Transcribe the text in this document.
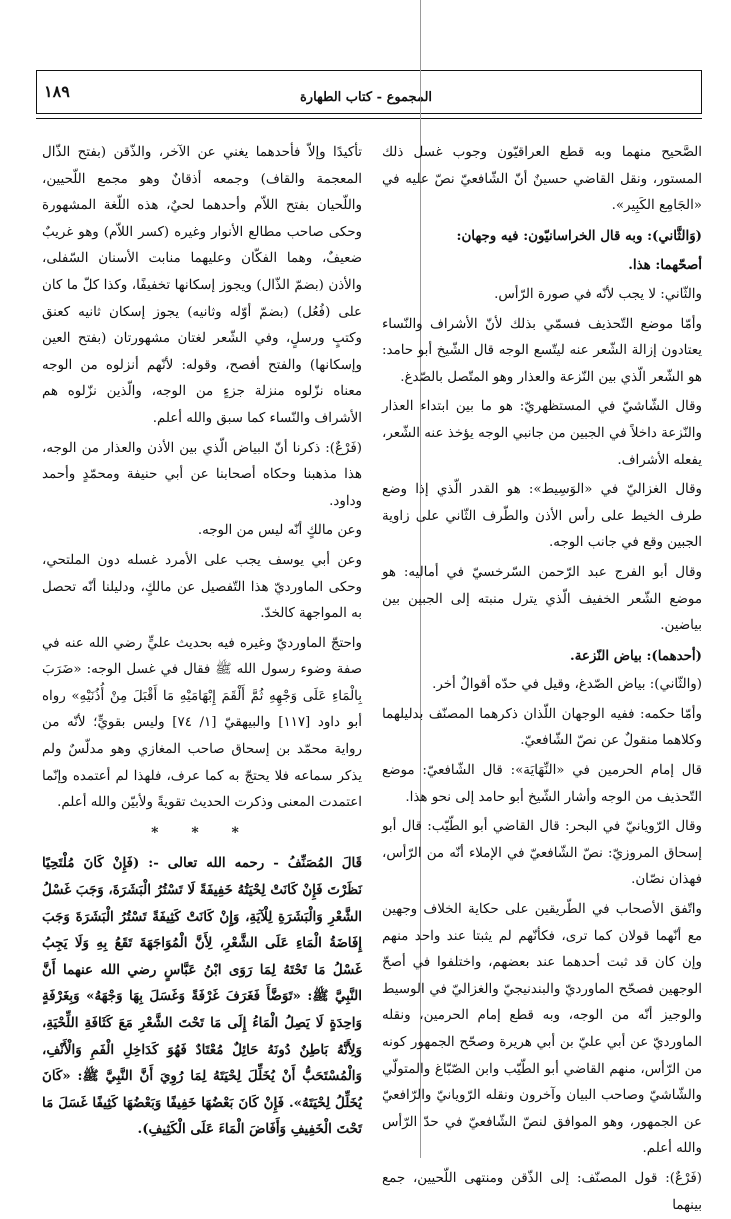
١٨٩	المجموع - كتاب الطهارة

الصَّحيح منهما وبه قطع العراقيّون وجوب غسل ذلك المستور، ونقل القاضي حسينٌ أنّ الشّافعيّ نصّ عليه في «الجَامِع الكَبِير».

(وَالثَّاني): وبه قال الخراسانيّون: فيه وجهان:

أصحّهما: هذا.

والثّاني: لا يجب لأنّه في صورة الرّأس.

وأمّا موضع التّحذيف فسمّي بذلك لأنّ الأشراف والنّساء يعتادون إزالة الشّعر عنه ليتّسع الوجه قال الشّيخ أبو حامد: هو الشّعر الّذي بين النّزعة والعذار وهو المتّصل بالصّدغ.

وقال الشّاشيّ في المستظهريّ: هو ما بين ابتداء العذار والنّزعة داخلاً في الجبين من جانبي الوجه يؤخذ عنه الشّعر، يفعله الأشراف.

وقال الغزاليّ في «الوَسِيط»: هو القدر الّذي إذا وضع طرف الخيط على رأس الأذن والطّرف الثّاني على زاوية الجبين وقع في جانب الوجه.

وقال أبو الفرج عبد الرّحمن السّرخسيّ في أماليه: هو موضع الشّعر الخفيف الّذي يترل منبته إلى الجبين بين بياضين.

(أحدهما): بياض النّزعة.

(والثّاني): بياض الصّدغ، وقيل في حدّه أقوالٌ أخر.

وأمّا حكمه: ففيه الوجهان اللّذان ذكرهما المصنّف بدليلهما وكلاهما منقولٌ عن نصّ الشّافعيّ.

قال إمام الحرمين في «النِّهَايَة»: قال الشّافعيّ: موضع التّحذيف من الوجه وأشار الشّيخ أبو حامد إلى نحو هذا.

وقال الرّويانيّ في البحر: قال القاضي أبو الطّيّب: قال أبو إسحاق المروزيّ: نصّ الشّافعيّ في الإملاء أنّه من الرّأس، فهذان نصّان.

واتّفق الأصحاب في الطّريقين على حكاية الخلاف وجهين مع أنّهما قولان كما ترى، فكأنّهم لم يثبتا عند واحد منهم وإن كان قد ثبت أحدهما عند بعضهم، واختلفوا في أصحّ الوجهين فصحّح الماورديّ والبندنيجيّ والغزاليّ في الوسيط والوجيز أنّه من الوجه، وبه قطع إمام الحرمين، ونقله الماورديّ عن أبي عليّ بن أبي هريرة وصحّح الجمهور كونه من الرّأس، منهم القاضي أبو الطّيّب وابن الصّبّاغ والمتولّي والشّاشيّ وصاحب البيان وآخرون ونقله الرّويانيّ والرّافعيّ عن الجمهور، وهو الموافق لنصّ الشّافعيّ في حدّ الرّأس والله أعلم.

(فَرْعٌ): قول المصنّف: إلى الذّقن ومنتهى اللّحيين، جمع بينهما

تأكيدًا وإلاّ فأحدهما يغني عن الآخر، والذّقن (بفتح الذّال المعجمة والقاف) وجمعه أذقانٌ وهو مجمع اللّحيين، واللّحيان بفتح اللاّم وأحدهما لحيٌ، هذه اللّغة المشهورة وحكى صاحب مطالع الأنوار وغيره (كسر اللاّم) وهو غريبٌ ضعيفٌ، وهما الفكّان وعليهما منابت الأسنان السّفلى، والأذن (بضمّ الذّال) ويجوز إسكانها تخفيفًا، وكذا كلّ ما كان على (فُعُل) (بضمّ أوّله وثانيه) يجوز إسكان ثانيه كعنق وكتبٍ ورسلٍ، وفي الشّعر لغتان مشهورتان (بفتح العين وإسكانها) والفتح أفصح، وقوله: لأنّهم أنزلوه من الوجه معناه نزّلوه منزلة جزءٍ من الوجه، والّذين نزّلوه هم الأشراف والنّساء كما سبق والله أعلم.

(فَرْعٌ): ذكرنا أنّ البياض الّذي بين الأذن والعذار من الوجه، هذا مذهبنا وحكاه أصحابنا عن أبي حنيفة ومحمّدٍ وأحمد وداود.

وعن مالكٍ أنّه ليس من الوجه.

وعن أبي يوسف يجب على الأمرد غسله دون الملتحي، وحكى الماورديّ هذا التّفصيل عن مالكٍ، ودليلنا أنّه تحصل به المواجهة كالخدّ.

واحتجّ الماورديّ وغيره فيه بحديث عليٍّ رضي الله عنه في صفة وضوء رسول الله ﷺ فقال في غسل الوجه: «ضَرَبَ بِالْمَاءِ عَلَى وَجْهِهِ ثُمَّ أَلْقَمَ إِبْهَامَيْهِ مَا أَقْبَلَ مِنْ أُذُنَيْهِ» رواه أبو داود [١١٧] والبيهقيّ [١/ ٧٤] وليس بقويٍّ؛ لأنّه من رواية محمّد بن إسحاق صاحب المغازي وهو مدلّسٌ ولم يذكر سماعه فلا يحتجّ به كما عرف، فلهذا لم أعتمده وإنّما اعتمدت المعنى وذكرت الحديث تقويةً ولأبيّن والله أعلم.

* * *

قَالَ المُصَنِّفُ - رحمه الله تعالى -: (فَإِنْ كَانَ مُلْتَحِيًا نَظَرْتَ فَإِنْ كَانَتْ لِحْيَتُهُ خَفِيفَةً لَا تَسْتُرُ الْبَشَرَةَ، وَجَبَ غَسْلُ الشَّعْرِ وَالْبَشَرَةِ لِلْآيَةِ، وَإِنْ كَانَتْ كَثِيفَةً تَسْتُرُ الْبَشَرَةَ وَجَبَ إِفَاضَةُ الْمَاءِ عَلَى الشَّعْرِ، لِأَنَّ الْمُوَاجَهَةَ تَقَعُ بِهِ وَلَا يَجِبُ غَسْلُ مَا تَحْتَهُ لِمَا رَوَى ابْنُ عَبَّاسٍ رضي الله عنهما أَنَّ النَّبِيَّ ﷺ: «تَوَضَّأَ فَغَرَفَ غَرْفَةً وَغَسَلَ بِهَا وَجْهَهُ» وَبِغَرْفَةٍ وَاحِدَةٍ لَا يَصِلُ الْمَاءُ إِلَى مَا تَحْتَ الشَّعْرِ مَعَ كَثَافَةِ اللِّحْيَةِ، وَلِأَنَّهُ بَاطِنٌ دُونَهُ حَائِلٌ مُعْتَادٌ فَهُوَ كَدَاخِلِ الْفَمِ وَالْأَنْفِ، وَالْمُسْتَحَبُّ أَنْ يُخَلِّلَ لِحْيَتَهُ لِمَا رُوِيَ أَنَّ النَّبِيَّ ﷺ: «كَانَ يُخَلِّلُ لِحْيَتَهُ». فَإِنْ كَانَ بَعْضُهَا خَفِيفًا وَبَعْضُهَا كَثِيفًا غَسَلَ مَا تَحْتَ الْخَفِيفِ وَأَفَاضَ الْمَاءَ عَلَى الْكَثِيفِ).
